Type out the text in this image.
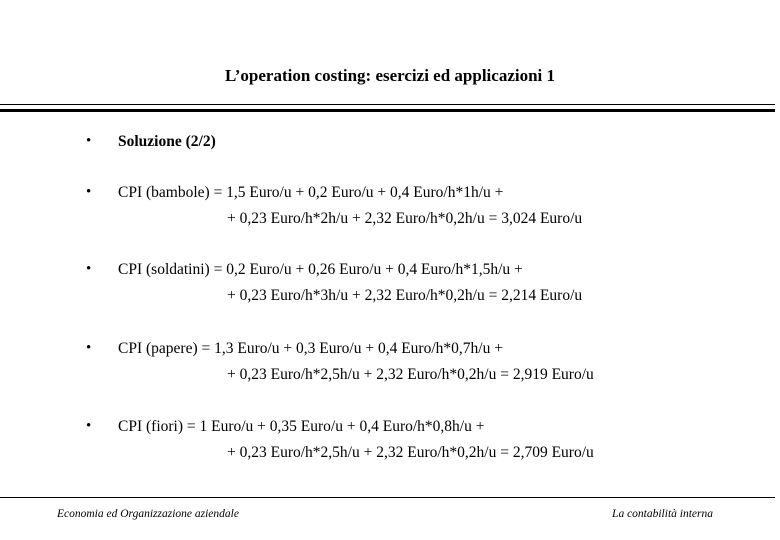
L’operation costing: esercizi ed applicazioni 1
• Soluzione (2/2)
• CPI (bambole) = 1,5 Euro/u + 0,2 Euro/u + 0,4 Euro/h*1h/u +
+ 0,23 Euro/h*2h/u + 2,32 Euro/h*0,2h/u = 3,024 Euro/u
• CPI (soldatini) = 0,2 Euro/u + 0,26 Euro/u + 0,4 Euro/h*1,5h/u +
+ 0,23 Euro/h*3h/u + 2,32 Euro/h*0,2h/u = 2,214 Euro/u
• CPI (papere) = 1,3 Euro/u + 0,3 Euro/u + 0,4 Euro/h*0,7h/u +
+ 0,23 Euro/h*2,5h/u + 2,32 Euro/h*0,2h/u = 2,919 Euro/u
• CPI (fiori) = 1 Euro/u + 0,35 Euro/u + 0,4 Euro/h*0,8h/u +
+ 0,23 Euro/h*2,5h/u + 2,32 Euro/h*0,2h/u = 2,709 Euro/u
Economia ed Organizzazione aziendale	La contabilità interna
